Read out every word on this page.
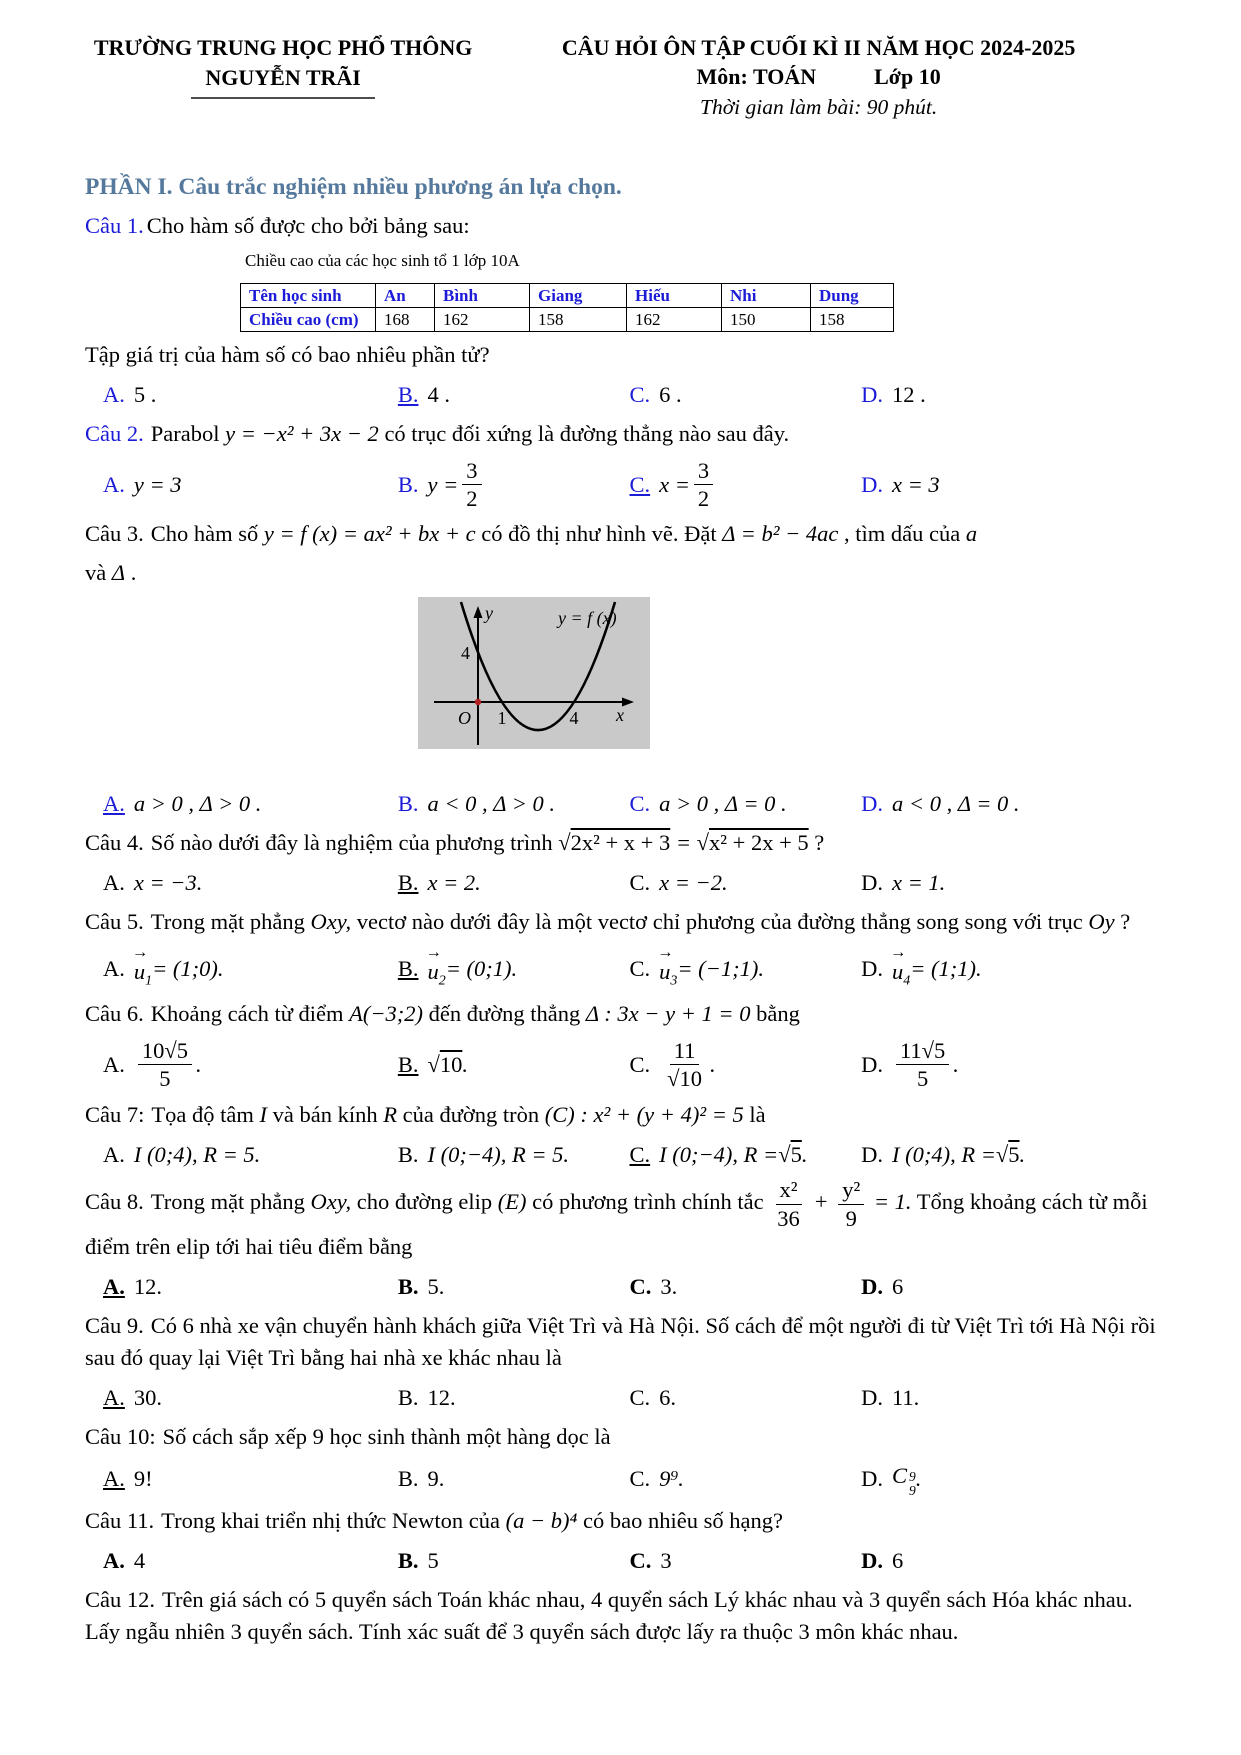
TRƯỜNG TRUNG HỌC PHỔ THÔNG
NGUYỄN TRÃI
CÂU HỎI ÔN TẬP CUỐI KÌ II NĂM HỌC 2024-2025
Môn: TOÁN	Lớp 10
Thời gian làm bài: 90 phút.
PHẦN I. Câu trắc nghiệm nhiều phương án lựa chọn.

Câu 1. Cho hàm số được cho bởi bảng sau:

Chiều cao của các học sinh tổ 1 lớp 10A
Tên học sinh	An	Bình	Giang	Hiếu	Nhi	Dung
Chiều cao (cm)	168	162	158	162	150	158

Tập giá trị của hàm số có bao nhiêu phần tử?

A. 5 .	B. 4 .	C. 6 .	D. 12 .

Câu 2. Parabol y = −x² + 3x − 2 có trục đối xứng là đường thẳng nào sau đây.

A. y = 3	B. $y = \frac{3}{2}$	C. $x = \frac{3}{2}$	D. x = 3

Câu 3. Cho hàm số y = f (x) = ax² + bx + c có đồ thị như hình vẽ. Đặt Δ = b² − 4ac , tìm dấu của a

và Δ .

y
x
O 1	4
4
y = f (x)
A. a > 0 , Δ > 0 .	B. a < 0 , Δ > 0 .	C. a > 0 , Δ = 0 .	D. a < 0 , Δ = 0 .

Câu 4. Số nào dưới đây là nghiệm của phương trình √2x² + x + 3 = √x² + 2x + 5 ?

A. x = −3.	B. x = 2.	C. x = −2.	D. x = 1.

Câu 5. Trong mặt phẳng Oxy, vectơ nào dưới đây là một vectơ chỉ phương của đường thẳng song song với trục Oy ?

A. $u \to_1$
= (1;0).	B. $u \to_2$
= (0;1).	C. $u \to_3$
= (−1;1).	D. $u \to_4$
= (1;1).

Câu 6. Khoảng cách từ điểm A(−3;2) đến đường thẳng Δ : 3x − y + 1 = 0 bằng

A. $\frac{10√5}{5}$ .	B. √10 .	C. $\frac{11}{√10}$ .	D. $\frac{11√5}{5}$ .

Câu 7: Tọa độ tâm I và bán kính R của đường tròn (C) : x² + (y + 4)² = 5 là

A. I (0;4), R = 5.	B. I (0;−4), R = 5.	C. I (0;−4), R = √5 . D. I (0;4), R = √5 .

Câu 8. Trong mặt phẳng Oxy, cho đường elip (E) có phương trình chính tắc $\frac{\text{x²}}{36} + \frac{\text{y²}}{9} = 1$. Tổng khoảng cách từ mỗi điểm trên elip tới hai tiêu điểm bằng

A. 12.	B. 5.	C. 3.	D. 6

Câu 9. Có 6 nhà xe vận chuyển hành khách giữa Việt Trì và Hà Nội. Số cách để một người đi từ Việt Trì tới Hà Nội rồi sau đó quay lại Việt Trì bằng hai nhà xe khác nhau là

A. 30.	B. 12.	C. 6.	D. 11.

Câu 10: Số cách sắp xếp 9 học sinh thành một hàng dọc là

A. 9!	B. 9.	C. 9⁹.	D. C 9
9 .

Câu 11. Trong khai triển nhị thức Newton của (a − b)⁴ có bao nhiêu số hạng?

A. 4	B. 5	C. 3	D. 6

Câu 12. Trên giá sách có 5 quyển sách Toán khác nhau, 4 quyển sách Lý khác nhau và 3 quyển sách Hóa khác nhau. Lấy ngẫu nhiên 3 quyển sách. Tính xác suất để 3 quyển sách được lấy ra thuộc 3 môn khác nhau.
